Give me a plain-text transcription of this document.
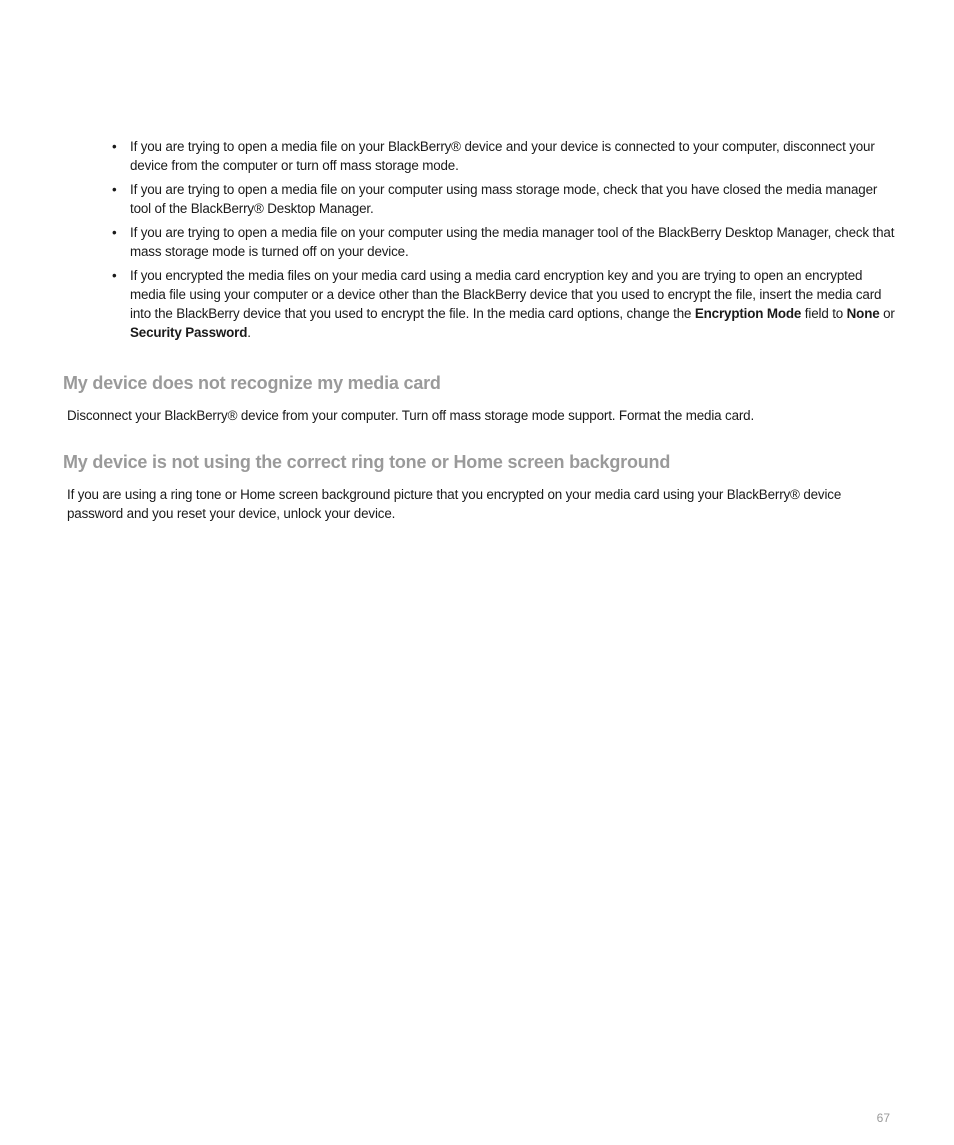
• If you are trying to open a media file on your BlackBerry® device and your device is connected to your computer, disconnect your device from the computer or turn off mass storage mode.
• If you are trying to open a media file on your computer using mass storage mode, check that you have closed the media manager tool of the BlackBerry® Desktop Manager.
• If you are trying to open a media file on your computer using the media manager tool of the BlackBerry Desktop Manager, check that mass storage mode is turned off on your device.
• If you encrypted the media files on your media card using a media card encryption key and you are trying to open an encrypted media file using your computer or a device other than the BlackBerry device that you used to encrypt the file, insert the media card into the BlackBerry device that you used to encrypt the file. In the media card options, change the Encryption Mode field to None or Security Password.
My device does not recognize my media card

Disconnect your BlackBerry® device from your computer. Turn off mass storage mode support. Format the media card.

My device is not using the correct ring tone or Home screen background

If you are using a ring tone or Home screen background picture that you encrypted on your media card using your BlackBerry® device password and you reset your device, unlock your device.

67
